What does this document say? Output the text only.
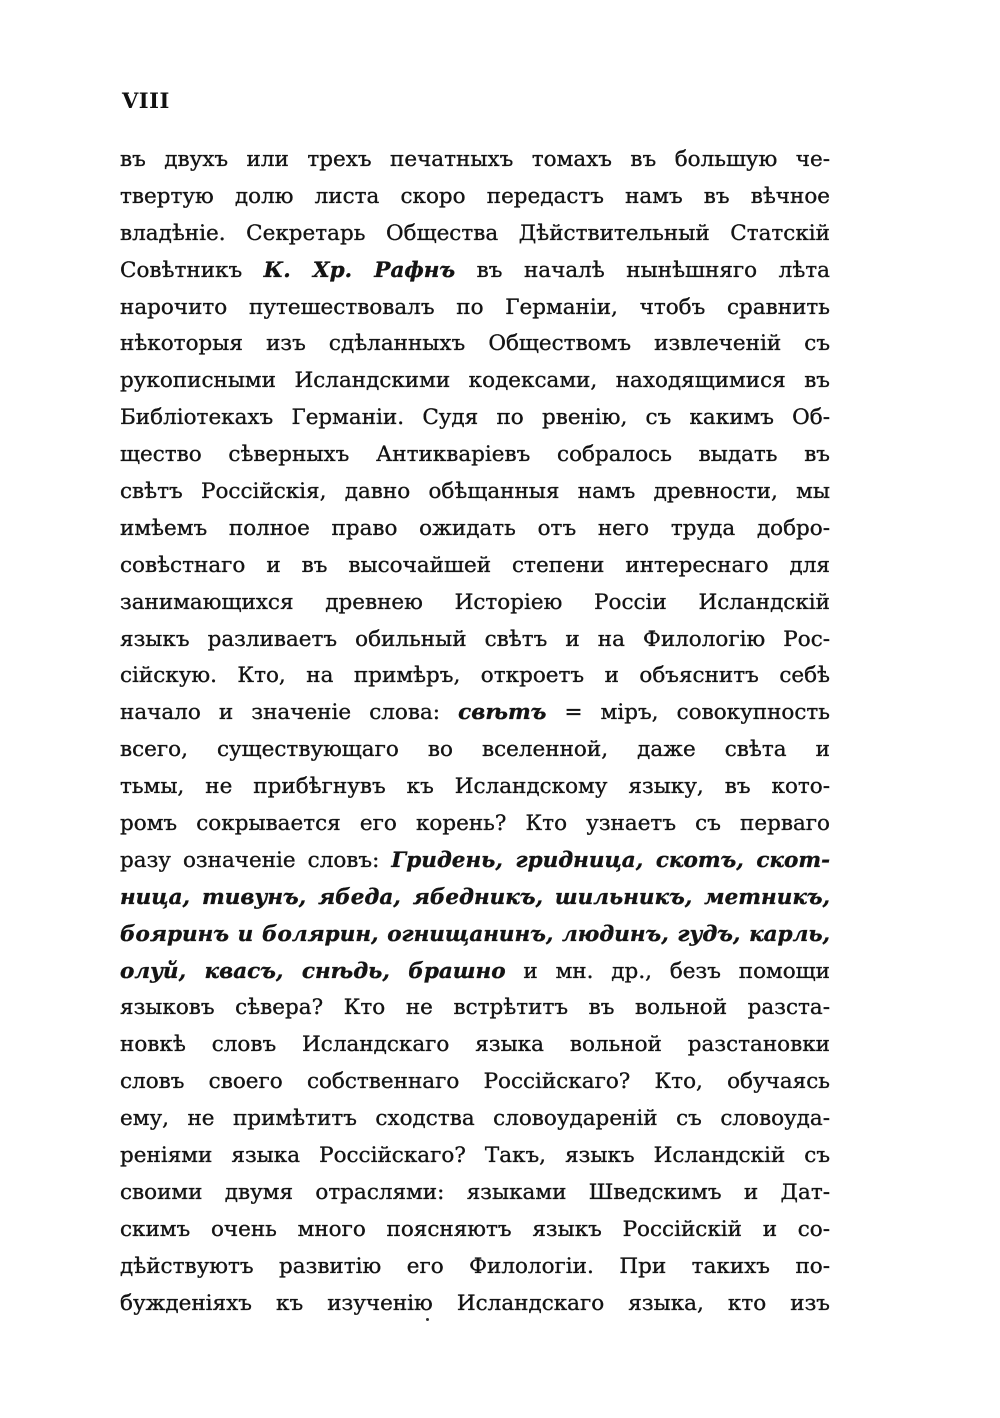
VIII
въ двухъ или трехъ печатныхъ томахъ въ большую че-
твертую долю листа скоро передастъ намъ въ вѣчное
владѣніе. Секретарь Общества Дѣйствительный Статскій
Совѣтникъ К. Хр. Рафнъ въ началѣ нынѣшняго лѣта
нарочито путешествовалъ по Германіи, чтобъ сравнить
нѣкоторыя изъ сдѣланныхъ Обществомъ извлеченій съ
рукописными Исландскими кодексами, находящимися въ
Библіотекахъ Германіи. Судя по рвенію, съ какимъ Об-
щество сѣверныхъ Антикваріевъ собралось выдать въ
свѣтъ Россійскія, давно обѣщанныя намъ древности, мы
имѣемъ полное право ожидать отъ него труда добро-
совѣстнаго и въ высочайшей степени интереснаго для
занимающихся древнею Исторіею Россіи Исландскій
языкъ разливаетъ обильный свѣтъ и на Филологію Рос-
сійскую. Кто, на примѣръ, откроетъ и объяснитъ себѣ
начало и значеніе слова: свѣтъ = міръ, совокупность
всего, существующаго во вселенной, даже свѣта и
тьмы, не прибѣгнувъ къ Исландскому языку, въ кото-
ромъ сокрывается его корень? Кто узнаетъ съ перваго
разу означеніе словъ: Гридень, гридница, скотъ, скот-
ница, тивунъ, ябеда, ябедникъ, шильникъ, метникъ,
бояринъ и болярин, огнищанинъ, людинъ, гудъ, карль,
олуй, квасъ, снѣдь, брашно и мн. др., безъ помощи
языковъ сѣвера? Кто не встрѣтитъ въ вольной разста-
новкѣ словъ Исландскаго языка вольной разстановки
словъ своего собственнаго Россійскаго? Кто, обучаясь
ему, не примѣтитъ сходства словоудареній съ словоуда-
реніями языка Россійскаго? Такъ, языкъ Исландскій съ
своими двумя отраслями: языками Шведскимъ и Дат-
скимъ очень много поясняютъ языкъ Россійскій и со-
дѣйствуютъ развитію его Филологіи. При такихъ по-
бужденіяхъ къ изученію Исландскаго языка, кто изъ
